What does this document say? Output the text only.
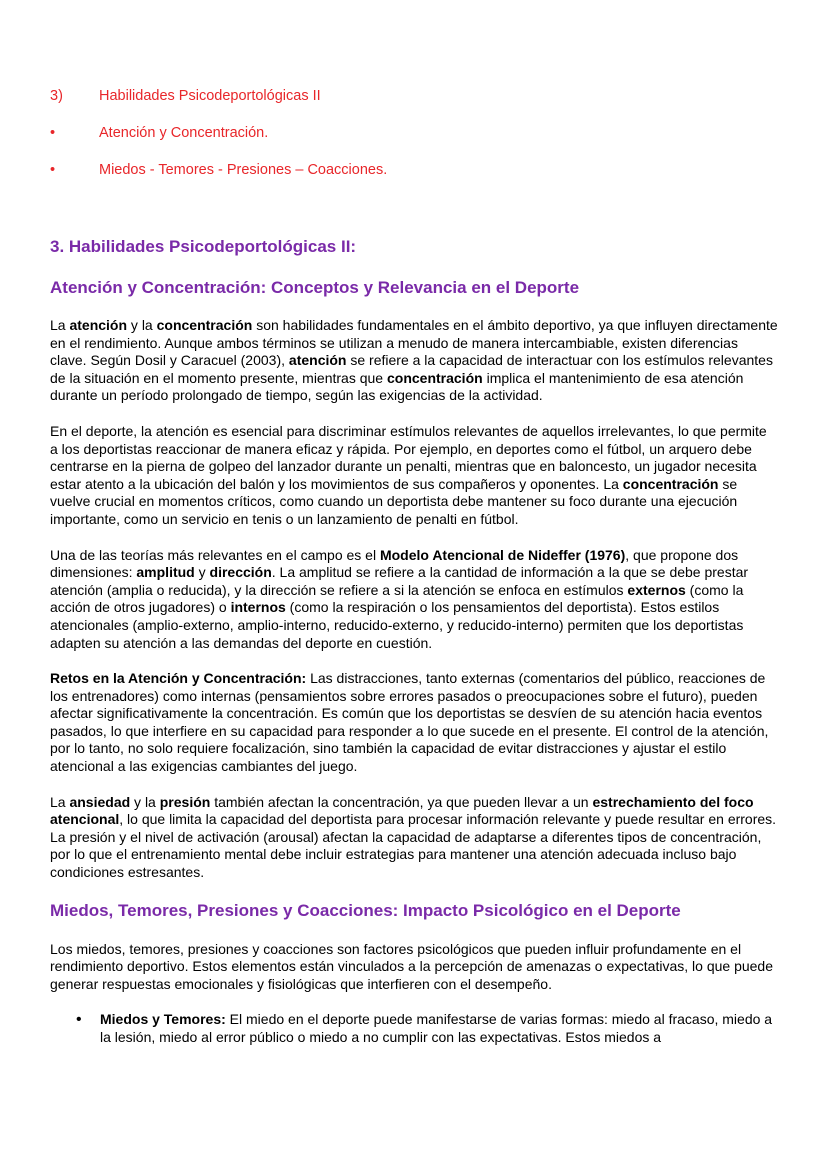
3)	Habilidades Psicodeportológicas II
•	Atención y Concentración.
•	Miedos - Temores - Presiones – Coacciones.
3. Habilidades Psicodeportológicas II:
Atención y Concentración: Conceptos y Relevancia en el Deporte

La atención y la concentración son habilidades fundamentales en el ámbito deportivo, ya que influyen directamente en el rendimiento. Aunque ambos términos se utilizan a menudo de manera intercambiable, existen diferencias clave. Según Dosil y Caracuel (2003), atención se refiere a la capacidad de interactuar con los estímulos relevantes de la situación en el momento presente, mientras que concentración implica el mantenimiento de esa atención durante un período prolongado de tiempo, según las exigencias de la actividad.

En el deporte, la atención es esencial para discriminar estímulos relevantes de aquellos irrelevantes, lo que permite a los deportistas reaccionar de manera eficaz y rápida. Por ejemplo, en deportes como el fútbol, un arquero debe centrarse en la pierna de golpeo del lanzador durante un penalti, mientras que en baloncesto, un jugador necesita estar atento a la ubicación del balón y los movimientos de sus compañeros y oponentes. La concentración se vuelve crucial en momentos críticos, como cuando un deportista debe mantener su foco durante una ejecución importante, como un servicio en tenis o un lanzamiento de penalti en fútbol.

Una de las teorías más relevantes en el campo es el Modelo Atencional de Nideffer (1976), que propone dos dimensiones: amplitud y dirección. La amplitud se refiere a la cantidad de información a la que se debe prestar atención (amplia o reducida), y la dirección se refiere a si la atención se enfoca en estímulos externos (como la acción de otros jugadores) o internos (como la respiración o los pensamientos del deportista). Estos estilos atencionales (amplio-externo, amplio-interno, reducido-externo, y reducido-interno) permiten que los deportistas adapten su atención a las demandas del deporte en cuestión.

Retos en la Atención y Concentración: Las distracciones, tanto externas (comentarios del público, reacciones de los entrenadores) como internas (pensamientos sobre errores pasados o preocupaciones sobre el futuro), pueden afectar significativamente la concentración. Es común que los deportistas se desvíen de su atención hacia eventos pasados, lo que interfiere en su capacidad para responder a lo que sucede en el presente. El control de la atención, por lo tanto, no solo requiere focalización, sino también la capacidad de evitar distracciones y ajustar el estilo atencional a las exigencias cambiantes del juego.

La ansiedad y la presión también afectan la concentración, ya que pueden llevar a un estrechamiento del foco atencional, lo que limita la capacidad del deportista para procesar información relevante y puede resultar en errores. La presión y el nivel de activación (arousal) afectan la capacidad de adaptarse a diferentes tipos de concentración, por lo que el entrenamiento mental debe incluir estrategias para mantener una atención adecuada incluso bajo condiciones estresantes.

Miedos, Temores, Presiones y Coacciones: Impacto Psicológico en el Deporte

Los miedos, temores, presiones y coacciones son factores psicológicos que pueden influir profundamente en el rendimiento deportivo. Estos elementos están vinculados a la percepción de amenazas o expectativas, lo que puede generar respuestas emocionales y fisiológicas que interfieren con el desempeño.

• Miedos y Temores: El miedo en el deporte puede manifestarse de varias formas: miedo al fracaso, miedo a la lesión, miedo al error público o miedo a no cumplir con las expectativas. Estos miedos a
